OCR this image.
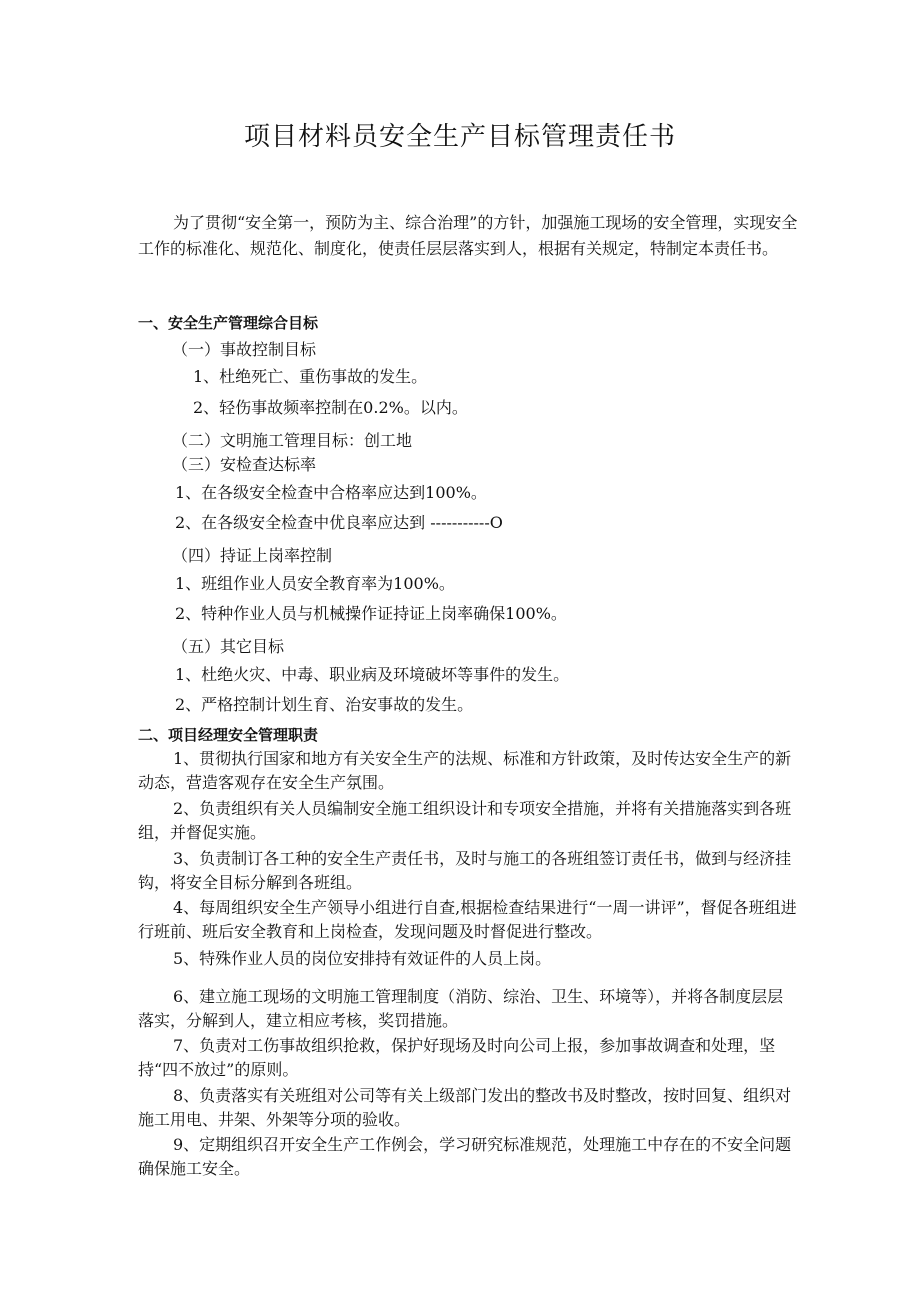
项目材料员安全生产目标管理责任书
为了贯彻“安全第一，预防为主、综合治理”的方针，加强施工现场的安全管理，实现安全工作的标准化、规范化、制度化，使责任层层落实到人，根据有关规定，特制定本责任书。
一、安全生产管理综合目标
（一）事故控制目标
1、杜绝死亡、重伤事故的发生。
2、轻伤事故频率控制在0.2%。以内。
（二）文明施工管理目标：创工地
（三）安检查达标率
1、在各级安全检查中合格率应达到100%。
2、在各级安全检查中优良率应达到 -----------O
（四）持证上岗率控制
1、班组作业人员安全教育率为100%。
2、特种作业人员与机械操作证持证上岗率确保100%。
（五）其它目标
1、杜绝火灾、中毒、职业病及环境破坏等事件的发生。
2、严格控制计划生育、治安事故的发生。
二、项目经理安全管理职责
1、贯彻执行国家和地方有关安全生产的法规、标准和方针政策，及时传达安全生产的新动态，营造客观存在安全生产氛围。
2、负责组织有关人员编制安全施工组织设计和专项安全措施，并将有关措施落实到各班组，并督促实施。
3、负责制订各工种的安全生产责任书，及时与施工的各班组签订责任书，做到与经济挂钩，将安全目标分解到各班组。
4、每周组织安全生产领导小组进行自查,根据检查结果进行“一周一讲评”，督促各班组进行班前、班后安全教育和上岗检查，发现问题及时督促进行整改。
5、特殊作业人员的岗位安排持有效证件的人员上岗。
6、建立施工现场的文明施工管理制度（消防、综治、卫生、环境等），并将各制度层层落实，分解到人，建立相应考核，奖罚措施。
7、负责对工伤事故组织抢救，保护好现场及时向公司上报，参加事故调查和处理，坚持“四不放过”的原则。
8、负责落实有关班组对公司等有关上级部门发出的整改书及时整改，按时回复、组织对施工用电、井架、外架等分项的验收。
9、定期组织召开安全生产工作例会，学习研究标准规范，处理施工中存在的不安全问题确保施工安全。
